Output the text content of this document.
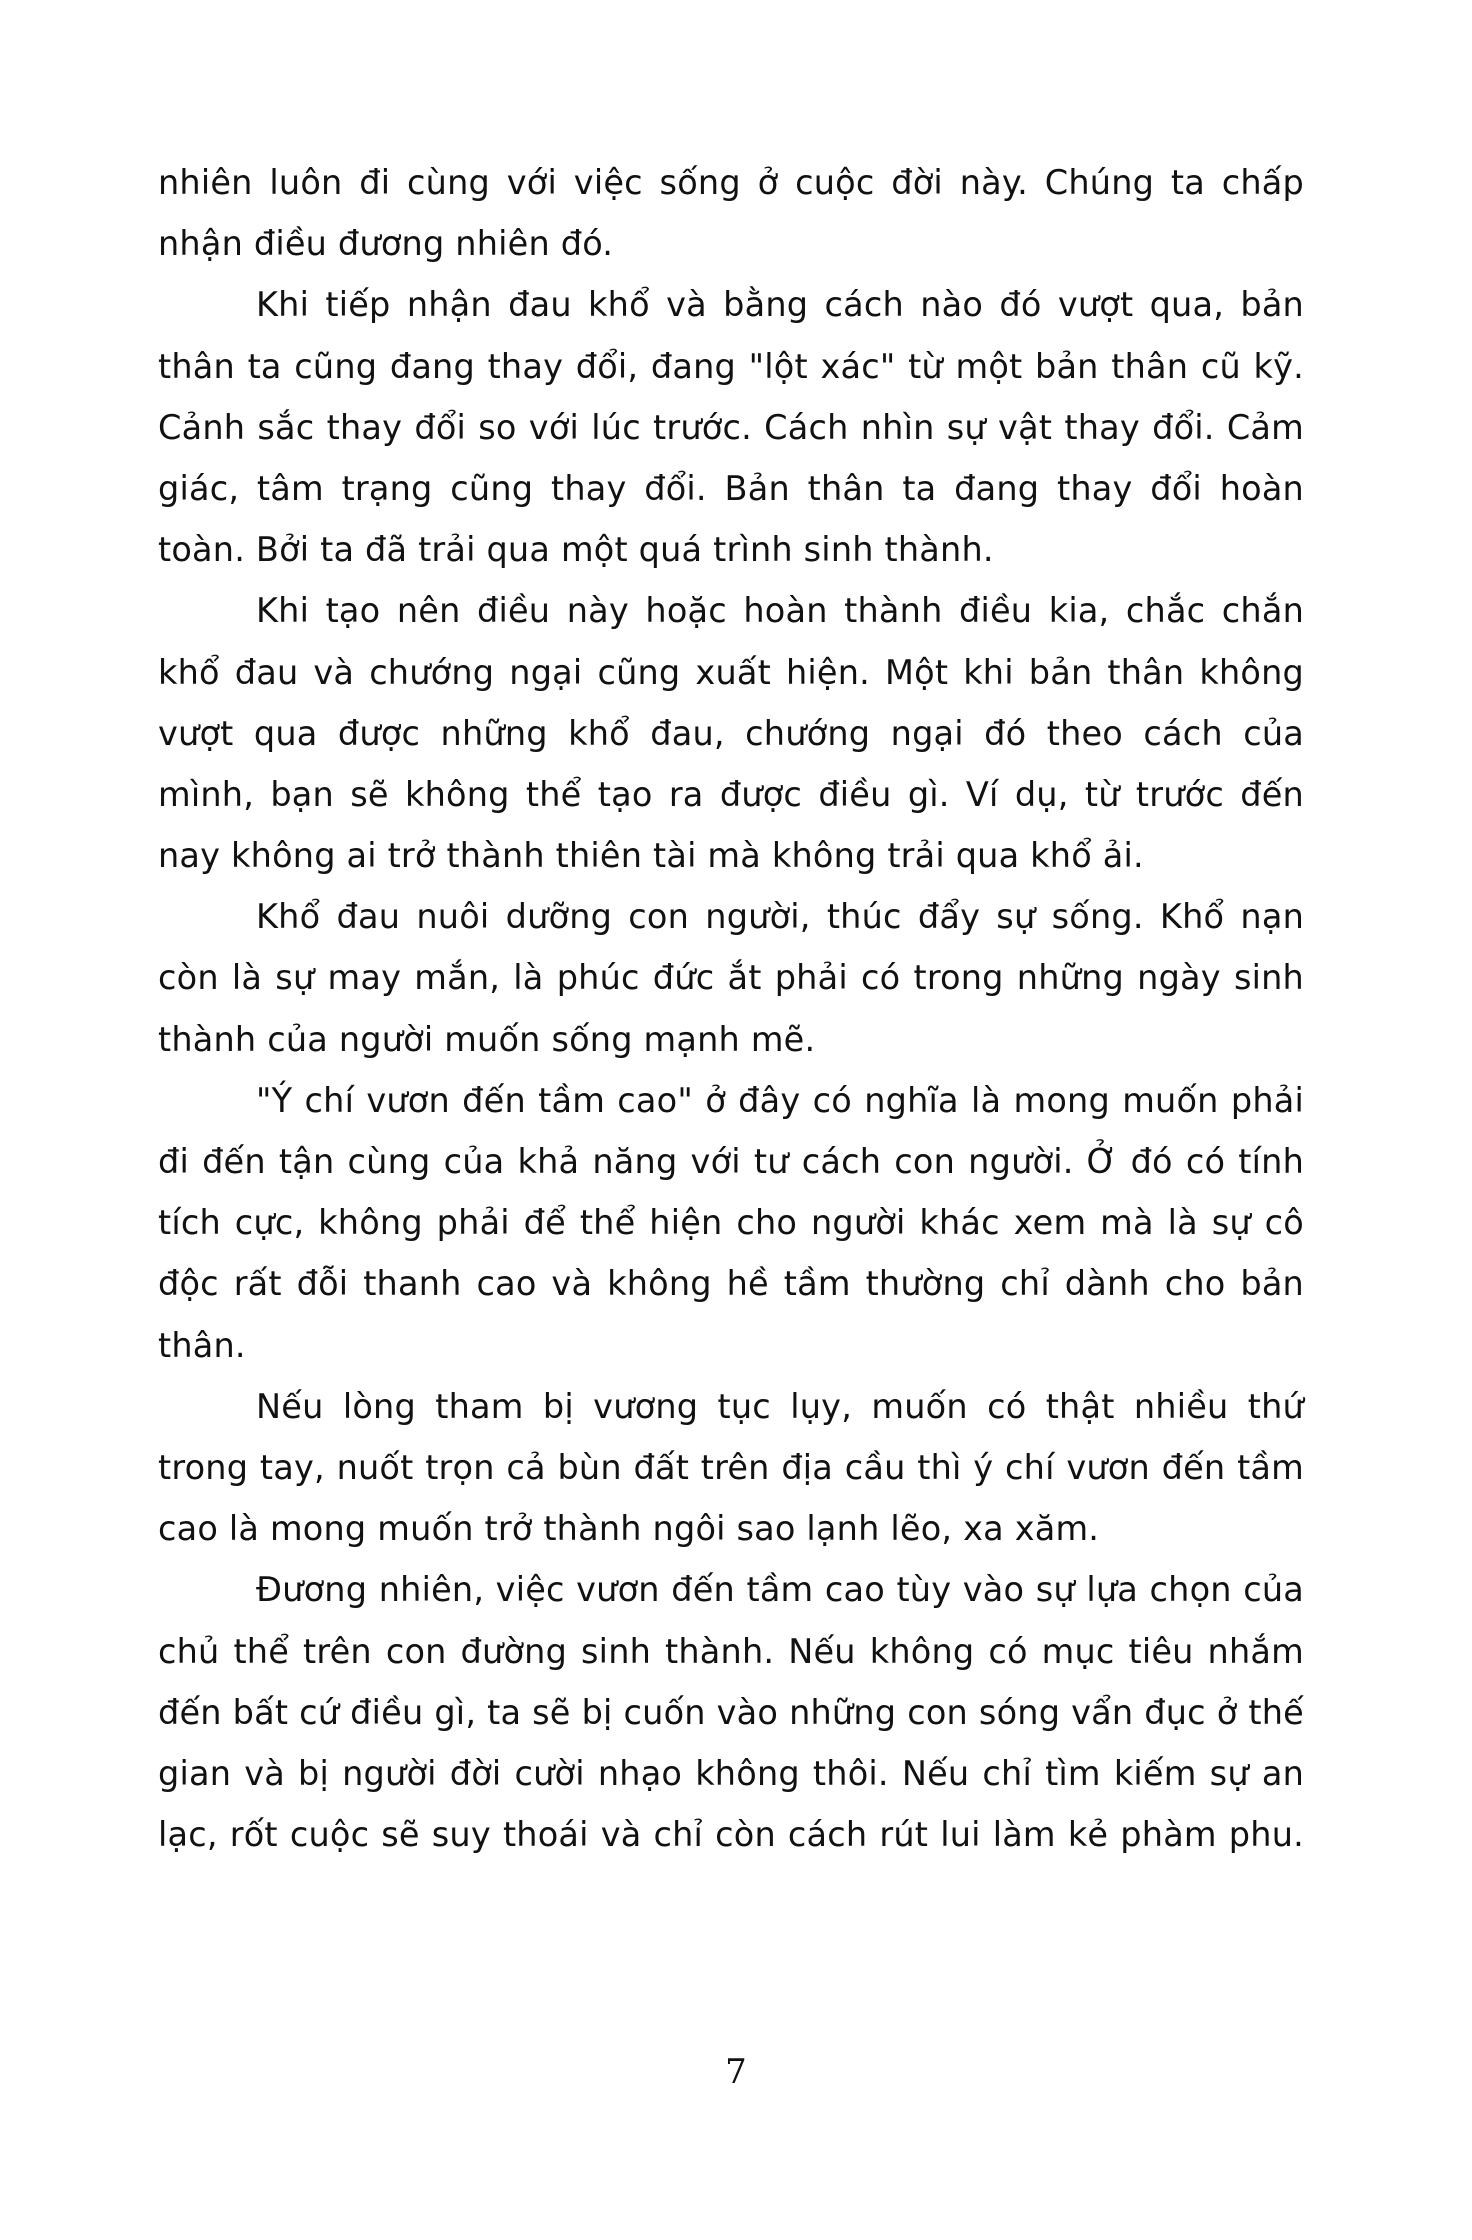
nhiên luôn đi cùng với việc sống ở cuộc đời này. Chúng ta chấp
nhận điều đương nhiên đó.
Khi tiếp nhận đau khổ và bằng cách nào đó vượt qua, bản
thân ta cũng đang thay đổi, đang "lột xác" từ một bản thân cũ kỹ.
Cảnh sắc thay đổi so với lúc trước. Cách nhìn sự vật thay đổi. Cảm
giác, tâm trạng cũng thay đổi. Bản thân ta đang thay đổi hoàn
toàn. Bởi ta đã trải qua một quá trình sinh thành.
Khi tạo nên điều này hoặc hoàn thành điều kia, chắc chắn
khổ đau và chướng ngại cũng xuất hiện. Một khi bản thân không
vượt qua được những khổ đau, chướng ngại đó theo cách của
mình, bạn sẽ không thể tạo ra được điều gì. Ví dụ, từ trước đến
nay không ai trở thành thiên tài mà không trải qua khổ ải.
Khổ đau nuôi dưỡng con người, thúc đẩy sự sống. Khổ nạn
còn là sự may mắn, là phúc đức ắt phải có trong những ngày sinh
thành của người muốn sống mạnh mẽ.
"Ý chí vươn đến tầm cao" ở đây có nghĩa là mong muốn phải
đi đến tận cùng của khả năng với tư cách con người. Ở đó có tính
tích cực, không phải để thể hiện cho người khác xem mà là sự cô
độc rất đỗi thanh cao và không hề tầm thường chỉ dành cho bản
thân.
Nếu lòng tham bị vương tục lụy, muốn có thật nhiều thứ
trong tay, nuốt trọn cả bùn đất trên địa cầu thì ý chí vươn đến tầm
cao là mong muốn trở thành ngôi sao lạnh lẽo, xa xăm.
Đương nhiên, việc vươn đến tầm cao tùy vào sự lựa chọn của
chủ thể trên con đường sinh thành. Nếu không có mục tiêu nhắm
đến bất cứ điều gì, ta sẽ bị cuốn vào những con sóng vẩn đục ở thế
gian và bị người đời cười nhạo không thôi. Nếu chỉ tìm kiếm sự an
lạc, rốt cuộc sẽ suy thoái và chỉ còn cách rút lui làm kẻ phàm phu.
7
